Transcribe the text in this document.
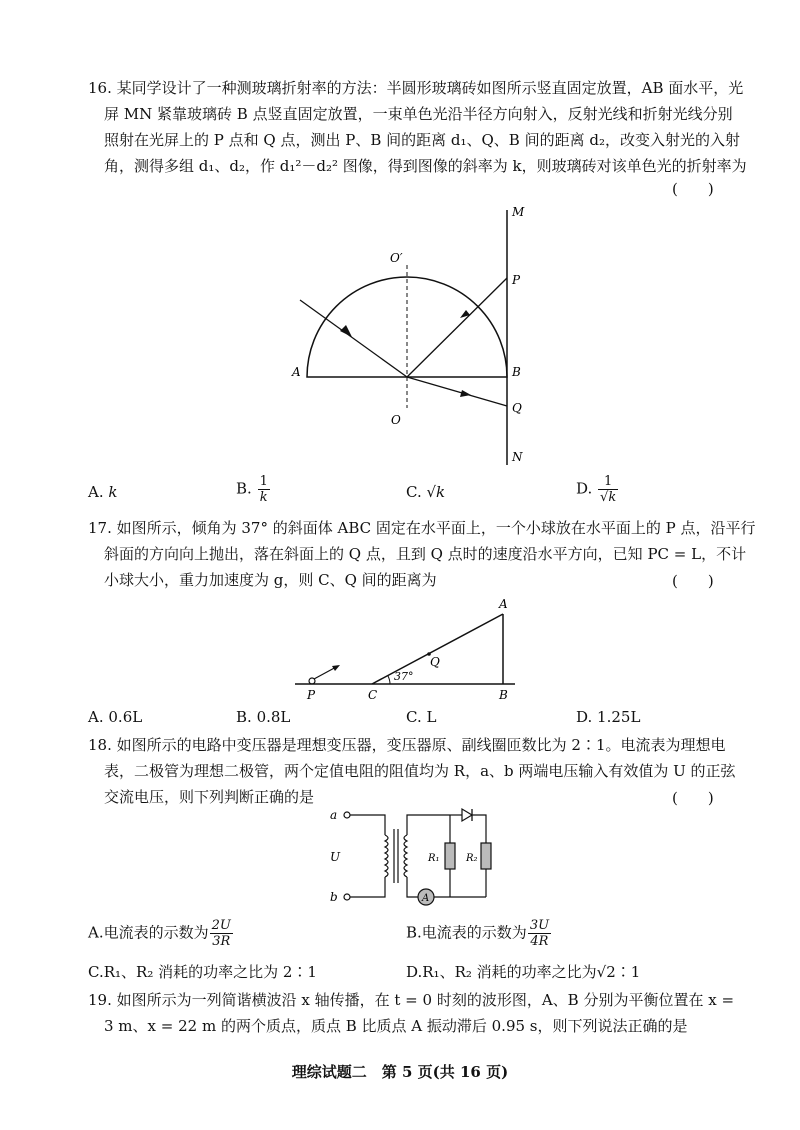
16. 某同学设计了一种测玻璃折射率的方法：半圆形玻璃砖如图所示竖直固定放置，AB 面水平，光
屏 MN 紧靠玻璃砖 B 点竖直固定放置，一束单色光沿半径方向射入，反射光线和折射光线分别
照射在光屏上的 P 点和 Q 点，测出 P、B 间的距离 d₁、Q、B 间的距离 d₂，改变入射光的入射
角，测得多组 d₁、d₂，作 d₁²－d₂² 图像，得到图像的斜率为 k，则玻璃砖对该单色光的折射率为
(　　)
M
P
B
Q
N
A
O′
O
A. k	B. $\frac{1}{k}$	C. √k	D. $\frac{1}{√k}$
17. 如图所示，倾角为 37° 的斜面体 ABC 固定在水平面上，一个小球放在水平面上的 P 点，沿平行
斜面的方向向上抛出，落在斜面上的 Q 点，且到 Q 点时的速度沿水平方向，已知 PC = L，不计
小球大小，重力加速度为 g，则 C、Q 间的距离为	(　　)
A
B
C
P
Q
37°
A. 0.6L	B. 0.8L	C. L	D. 1.25L
18. 如图所示的电路中变压器是理想变压器，变压器原、副线圈匝数比为 2∶1。电流表为理想电
表，二极管为理想二极管，两个定值电阻的阻值均为 R，a、b 两端电压输入有效值为 U 的正弦
交流电压，则下列判断正确的是	(　　)
A
a
b
U	R₁	R₂
A.电流表的示数为 $\frac{2U}{3R}$	B.电流表的示数为 $\frac{3U}{4R}$
C.R₁、R₂ 消耗的功率之比为 2∶1	D.R₁、R₂ 消耗的功率之比为√2∶1
19. 如图所示为一列简谐横波沿 x 轴传播，在 t = 0 时刻的波形图，A、B 分别为平衡位置在 x =
3 m、x = 22 m 的两个质点，质点 B 比质点 A 振动滞后 0.95 s，则下列说法正确的是
理综试题二　第 5 页(共 16 页)
